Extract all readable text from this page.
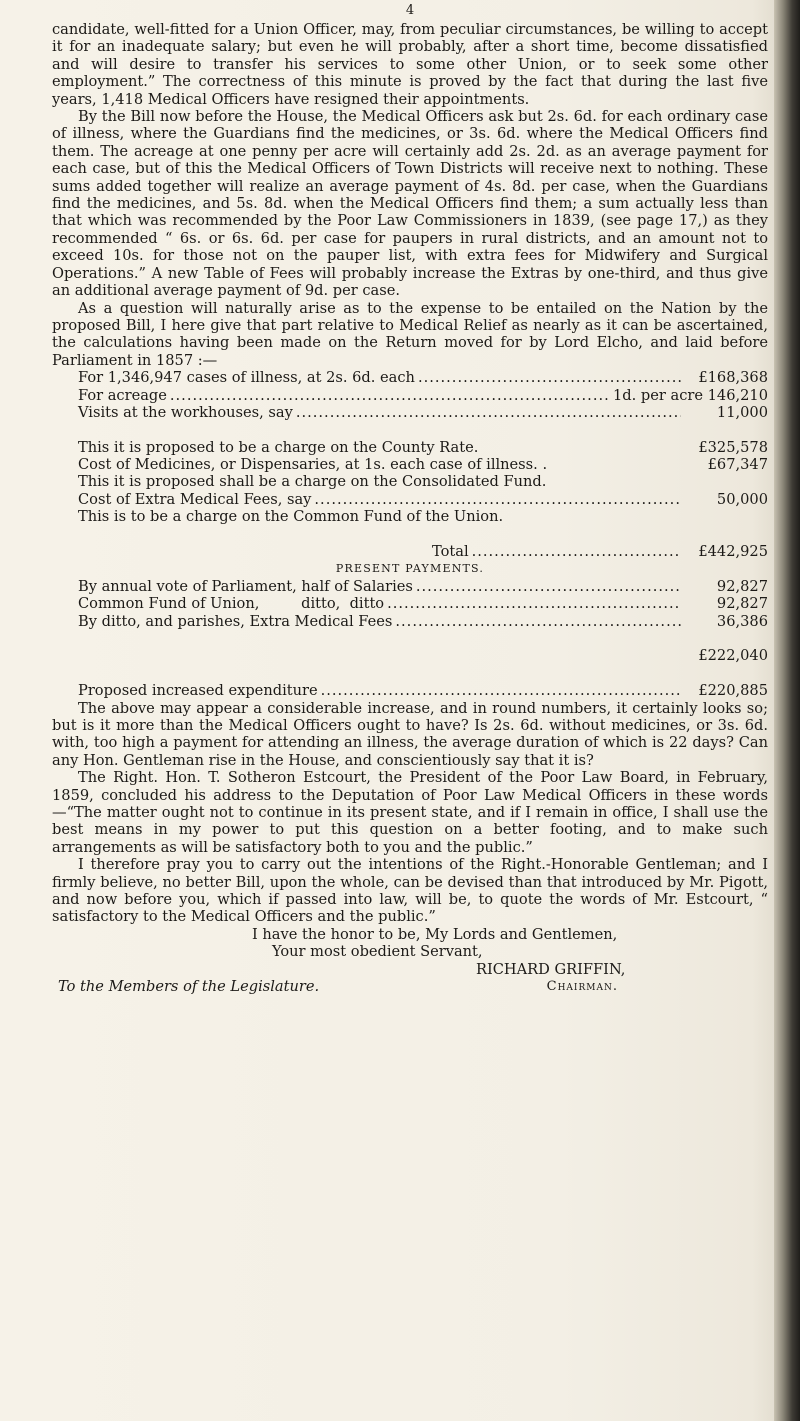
4

candidate, well-fitted for a Union Officer, may, from peculiar circumstances, be willing to accept it for an inadequate salary; but even he will probably, after a short time, become dissatisfied and will desire to transfer his services to some other Union, or to seek some other employment.” The correctness of this minute is proved by the fact that during the last five years, 1,418 Medical Officers have resigned their appointments.

By the Bill now before the House, the Medical Officers ask but 2s. 6d. for each ordinary case of illness, where the Guardians find the medicines, or 3s. 6d. where the Medical Officers find them. The acreage at one penny per acre will certainly add 2s. 2d. as an average payment for each case, but of this the Medical Officers of Town Districts will receive next to nothing. These sums added together will realize an average payment of 4s. 8d. per case, when the Guardians find the medicines, and 5s. 8d. when the Medical Officers find them; a sum actually less than that which was recommended by the Poor Law Commissioners in 1839, (see page 17,) as they recommended “ 6s. or 6s. 6d. per case for paupers in rural districts, and an amount not to exceed 10s. for those not on the pauper list, with extra fees for Midwifery and Surgical Operations.” A new Table of Fees will probably increase the Extras by one-third, and thus give an additional average payment of 9d. per case.

As a question will naturally arise as to the expense to be entailed on the Nation by the proposed Bill, I here give that part relative to Medical Relief as nearly as it can be ascertained, the calculations having been made on the Return moved for by Lord Elcho, and laid before Parliament in 1857 :—

For 1,346,947 cases of illness, at 2s. 6d. each .....	£168,368
For acreage .....	1d. per acre 146,210
Visits at the workhouses, say .....	11,000
This it is proposed to be a charge on the County Rate.	£325,578
Cost of Medicines, or Dispensaries, at 1s. each case of illness. .	£67,347
This it is proposed shall be a charge on the Consolidated Fund.
Cost of Extra Medical Fees, say .....	50,000
This is to be a charge on the Common Fund of the Union.
Total .....	£442,925
PRESENT PAYMENTS.
By annual vote of Parliament, half of Salaries .....	92,827
Common Fund of Union,         ditto,  ditto .....	92,827
By ditto, and parishes, Extra Medical Fees .....	36,386
£222,040
Proposed increased expenditure .....	£220,885

The above may appear a considerable increase, and in round numbers, it certainly looks so; but is it more than the Medical Officers ought to have? Is 2s. 6d. without medicines, or 3s. 6d. with, too high a payment for attending an illness, the average duration of which is 22 days? Can any Hon. Gentleman rise in the House, and conscientiously say that it is?

The Right. Hon. T. Sotheron Estcourt, the President of the Poor Law Board, in February, 1859, concluded his address to the Deputation of Poor Law Medical Officers in these words—“The matter ought not to continue in its present state, and if I remain in office, I shall use the best means in my power to put this question on a better footing, and to make such arrangements as will be satisfactory both to you and the public.”

I therefore pray you to carry out the intentions of the Right.-Honorable Gentleman; and I firmly believe, no better Bill, upon the whole, can be devised than that introduced by Mr. Pigott, and now before you, which if passed into law, will be, to quote the words of Mr. Estcourt, “ satisfactory to the Medical Officers and the public.”

I have the honor to be, My Lords and Gentlemen,
Your most obedient Servant,
RICHARD GRIFFIN,
To the Members of the Legislature.	Chairman.
